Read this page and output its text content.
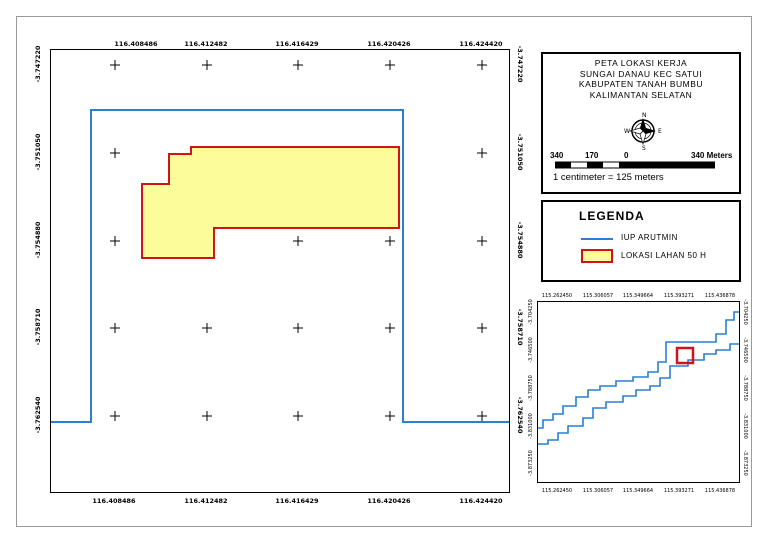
116.408486	116.412482	116.416429	116.420426	116.424420
116.408486	116.412482	116.416429	116.420426	116.424420
-3.747220
-3.751050
-3.754880
-3.758710
-3.762540
-3.747220
-3.751050
-3.754880
-3.758710
-3.762540
PETA LOKASI KERJA
SUNGAI DANAU KEC SATUI
KABUPATEN TANAH BUMBU
KALIMANTAN SELATAN
N
S
W	E
340	170	0	340 Meters
1 centimeter = 125 meters
LEGENDA
IUP ARUTMIN
LOKASI LAHAN 50 H
115.262450 115.306057 115.349664 115.393271 115.436878
115.262450 115.306057 115.349664 115.393271 115.436878
-3.704250
-3.746500
-3.788750
-3.831000
-3.873250
-3.704250
-3.746500
-3.788750
-3.831000
-3.873250
